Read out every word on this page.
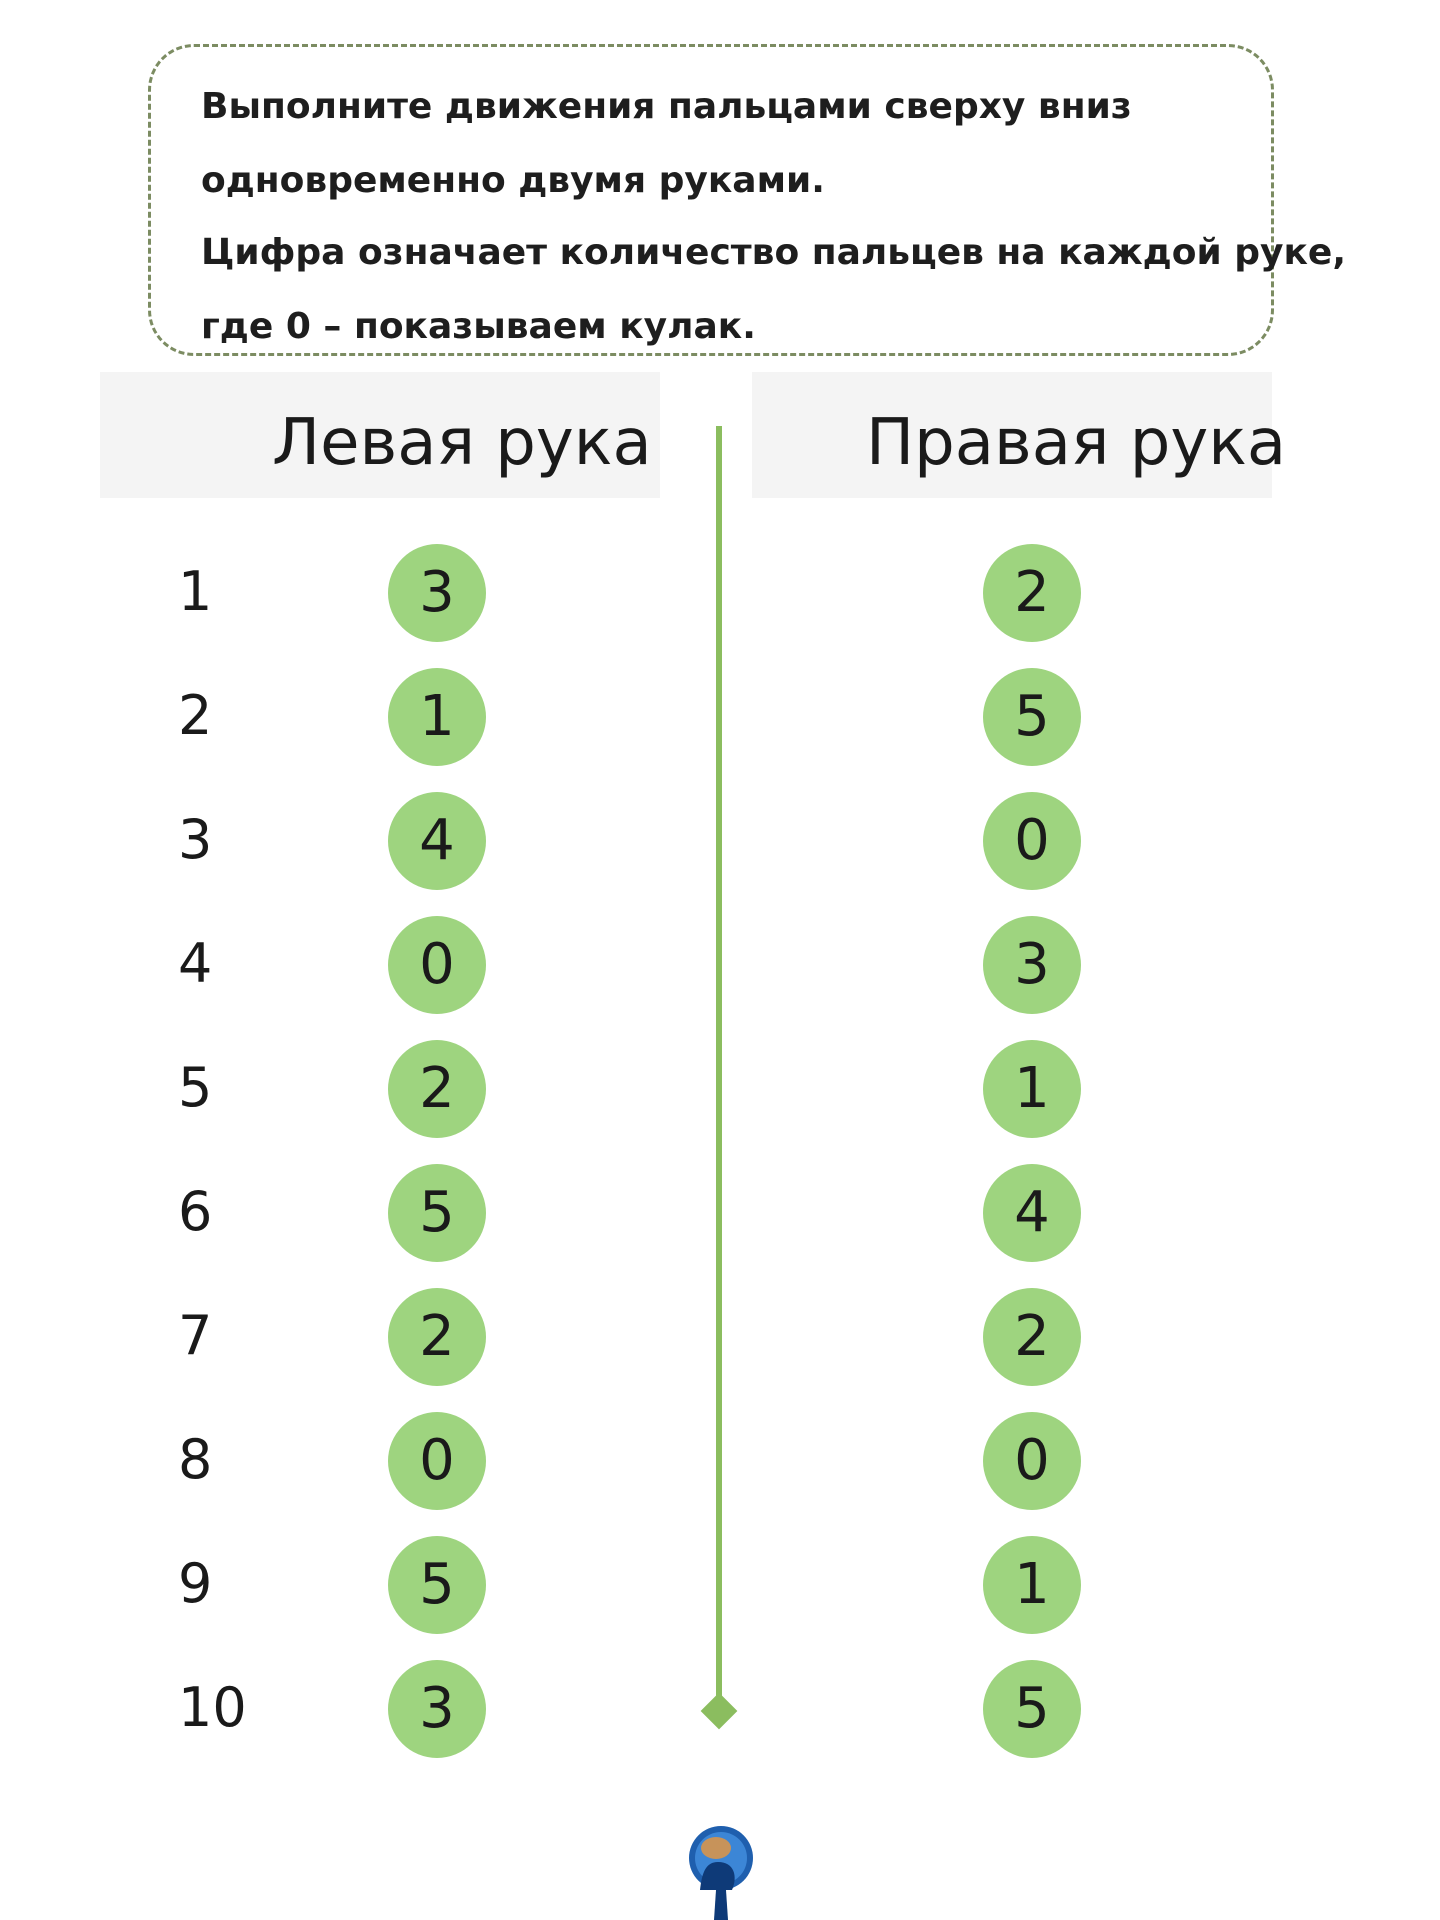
Выполните движения пальцами сверху вниз
одновременно двумя руками.
Цифра означает количество пальцев на каждой руке,
где 0 – показываем кулак.
Левая рука	Правая рука
1	3	2
2	1	5
3	4	0
4	0	3
5	2	1
6	5	4
7	2	2
8	0	0
9	5	1
10	3	5
